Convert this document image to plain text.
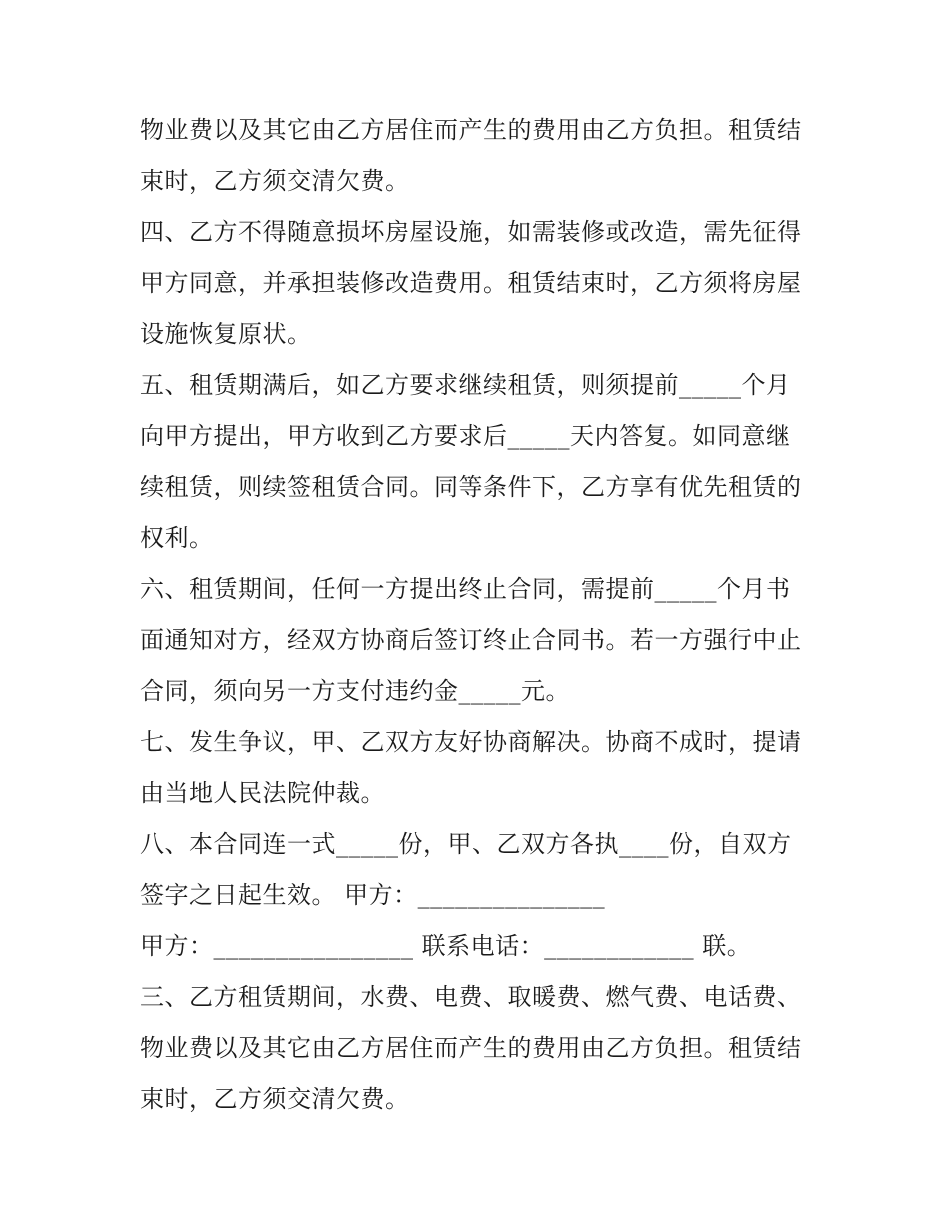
物业费以及其它由乙方居住而产生的费用由乙方负担。租赁结
束时，乙方须交清欠费。
四、乙方不得随意损坏房屋设施，如需装修或改造，需先征得
甲方同意，并承担装修改造费用。租赁结束时，乙方须将房屋
设施恢复原状。
五、租赁期满后，如乙方要求继续租赁，则须提前_____个月
向甲方提出，甲方收到乙方要求后_____天内答复。如同意继
续租赁，则续签租赁合同。同等条件下，乙方享有优先租赁的
权利。
六、租赁期间，任何一方提出终止合同，需提前_____个月书
面通知对方，经双方协商后签订终止合同书。若一方强行中止
合同，须向另一方支付违约金_____元。
七、发生争议，甲、乙双方友好协商解决。协商不成时，提请
由当地人民法院仲裁。
八、本合同连一式_____份，甲、乙双方各执____份，自双方
签字之日起生效。 甲方：_______________
甲方：________________ 联系电话：____________ 联。
三、乙方租赁期间，水费、电费、取暖费、燃气费、电话费、
物业费以及其它由乙方居住而产生的费用由乙方负担。租赁结
束时，乙方须交清欠费。
